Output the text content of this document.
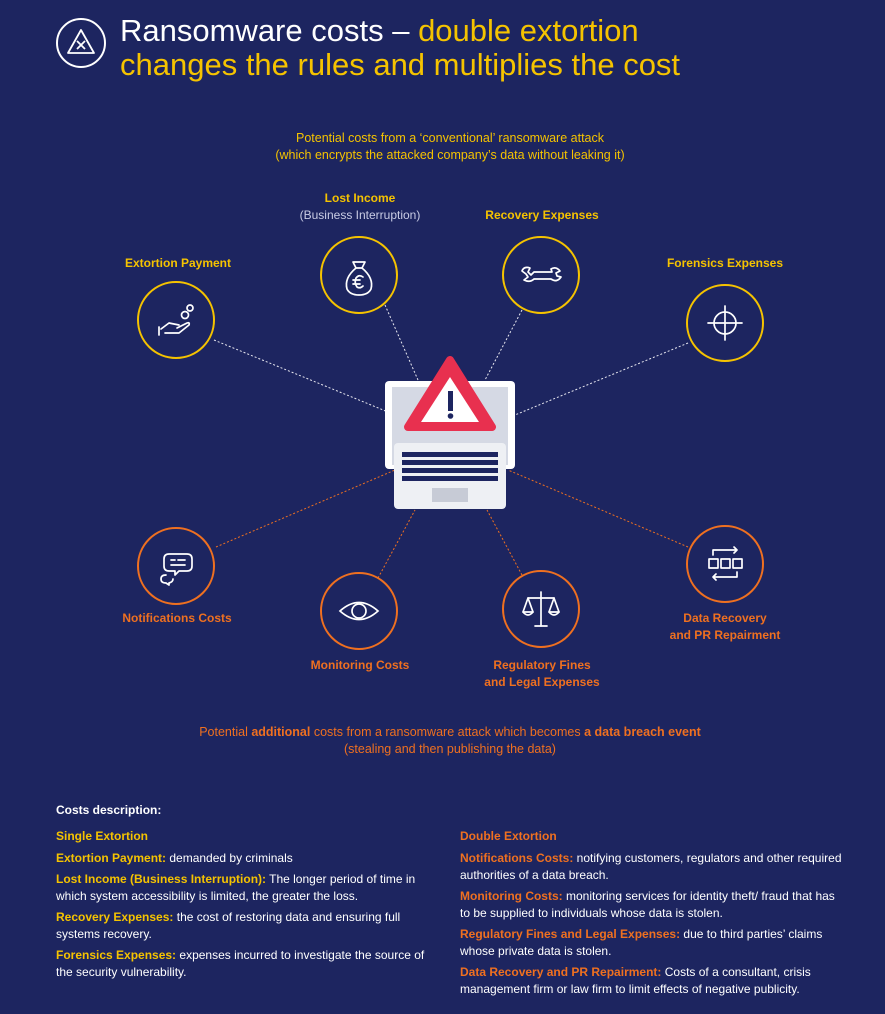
Ransomware costs – double extortion
changes the rules and multiplies the cost
Potential costs from a ‘conventional’ ransomware attack
(which encrypts the attacked company’s data without leaking it)
Extortion Payment
Lost Income
(Business Interruption)	Recovery Expenses
Forensics Expenses
Notifications Costs
Monitoring Costs	Regulatory Fines
and Legal Expenses
Data Recovery
and PR Repairment
Potential additional costs from a ransomware attack which becomes a data breach event
(stealing and then publishing the data)
Costs description:
Single Extortion

Extortion Payment: demanded by criminals

Lost Income (Business Interruption): The longer period of time in which system accessibility is limited, the greater the loss.

Recovery Expenses: the cost of restoring data and ensuring full systems recovery.

Forensics Expenses: expenses incurred to investigate the source of the security vulnerability.

Double Extortion

Notifications Costs: notifying customers, regulators and other required authorities of a data breach.

Monitoring Costs: monitoring services for identity theft/ fraud that has to be supplied to individuals whose data is stolen.

Regulatory Fines and Legal Expenses: due to third parties’ claims whose private data is stolen.

Data Recovery and PR Repairment: Costs of a consultant, crisis management firm or law firm to limit effects of negative publicity.
